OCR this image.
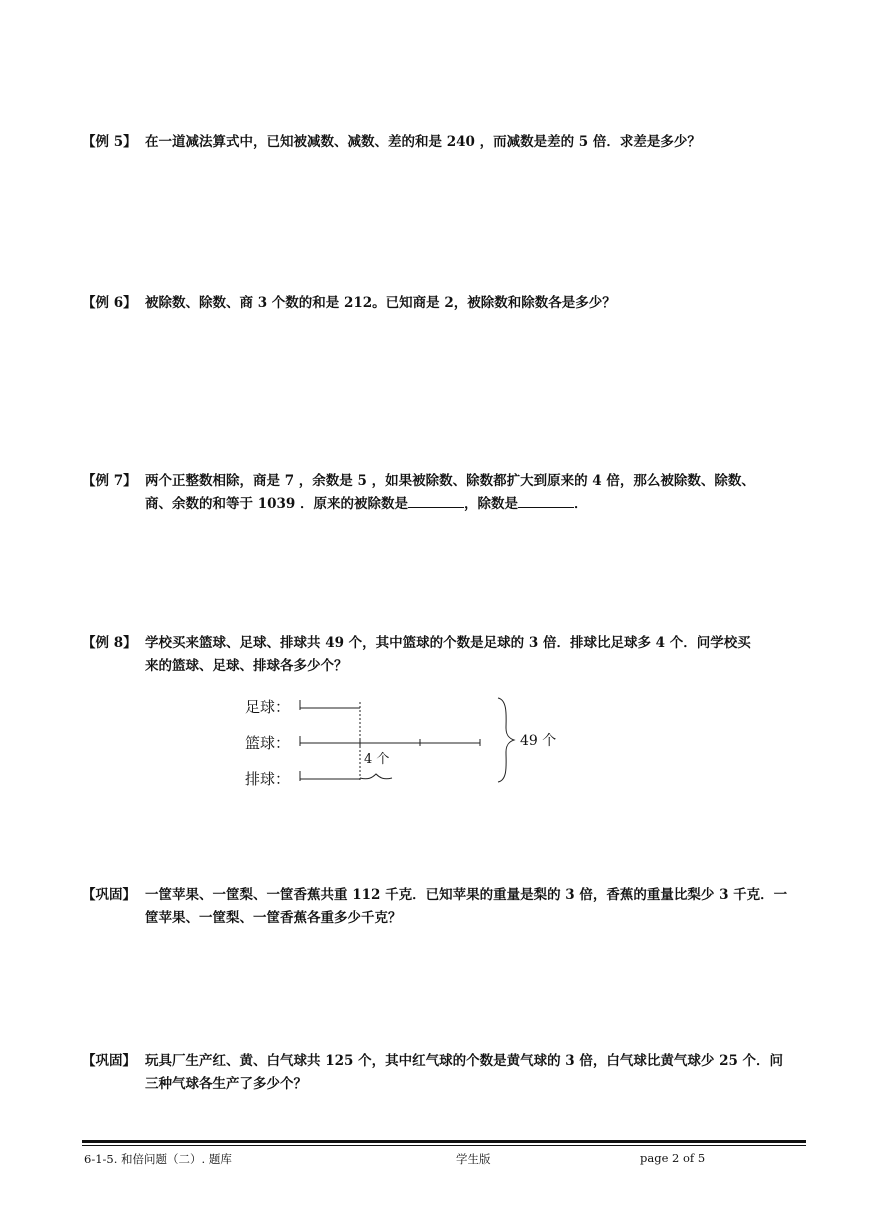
【例 5】 在一道减法算式中，已知被减数、减数、差的和是 240 ，而减数是差的 5 倍．求差是多少？
【例 6】 被除数、除数、商 3 个数的和是 212。已知商是 2，被除数和除数各是多少？
【例 7】 两个正整数相除，商是 7 ，余数是 5 ，如果被除数、除数都扩大到原来的 4 倍，那么被除数、除数、
商、余数的和等于 1039 ．原来的被除数是	，除数是	．
【例 8】 学校买来篮球、足球、排球共 49 个，其中篮球的个数是足球的 3 倍．排球比足球多 4 个．问学校买
来的篮球、足球、排球各多少个？
足球：
篮球：
排球：
4 个
49 个
【巩固】 一筐苹果、一筐梨、一筐香蕉共重 112 千克．已知苹果的重量是梨的 3 倍，香蕉的重量比梨少 3 千克．一
筐苹果、一筐梨、一筐香蕉各重多少千克？
【巩固】 玩具厂生产红、黄、白气球共 125 个，其中红气球的个数是黄气球的 3 倍，白气球比黄气球少 25 个．问
三种气球各生产了多少个？
6-1-5. 和倍问题（二）. 题库	学生版	page 2 of 5
